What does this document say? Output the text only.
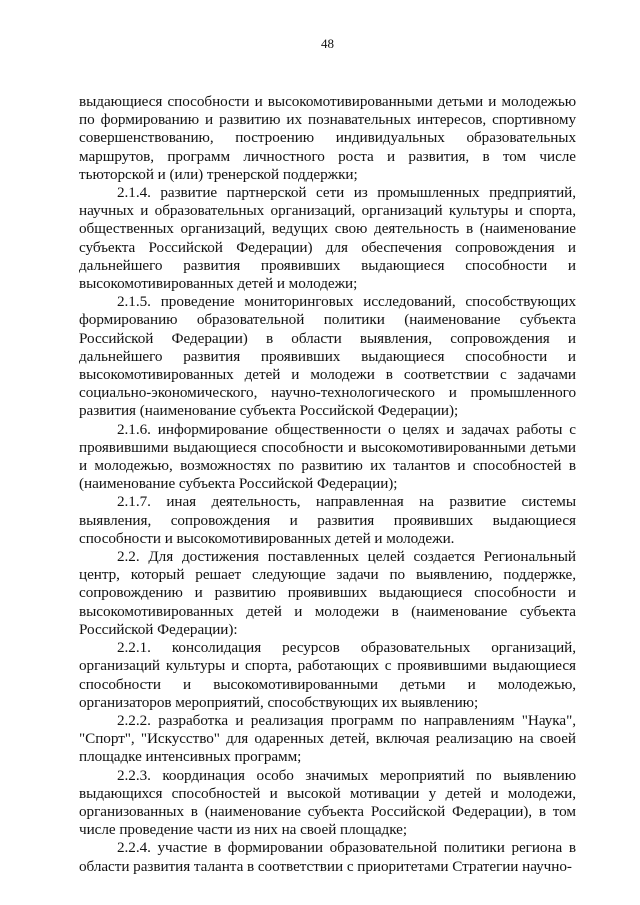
48

выдающиеся способности и высокомотивированными детьми и молодежью по формированию и развитию их познавательных интересов, спортивному совершенствованию, построению индивидуальных образовательных маршрутов, программ личностного роста и развития, в том числе тьюторской и (или) тренерской поддержки;

2.1.4. развитие партнерской сети из промышленных предприятий, научных и образовательных организаций, организаций культуры и спорта, общественных организаций, ведущих свою деятельность в (наименование субъекта Российской Федерации) для обеспечения сопровождения и дальнейшего развития проявивших выдающиеся способности и высокомотивированных детей и молодежи;

2.1.5. проведение мониторинговых исследований, способствующих формированию образовательной политики (наименование субъекта Российской Федерации) в области выявления, сопровождения и дальнейшего развития проявивших выдающиеся способности и высокомотивированных детей и молодежи в соответствии с задачами социально-экономического, научно-технологического и промышленного развития (наименование субъекта Российской Федерации);

2.1.6. информирование общественности о целях и задачах работы с проявившими выдающиеся способности и высокомотивированными детьми и молодежью, возможностях по развитию их талантов и способностей в (наименование субъекта Российской Федерации);

2.1.7. иная деятельность, направленная на развитие системы выявления, сопровождения и развития проявивших выдающиеся способности и высокомотивированных детей и молодежи.

2.2. Для достижения поставленных целей создается Региональный центр, который решает следующие задачи по выявлению, поддержке, сопровождению и развитию проявивших выдающиеся способности и высокомотивированных детей и молодежи в (наименование субъекта Российской Федерации):

2.2.1. консолидация ресурсов образовательных организаций, организаций культуры и спорта, работающих с проявившими выдающиеся способности и высокомотивированными детьми и молодежью, организаторов мероприятий, способствующих их выявлению;

2.2.2. разработка и реализация программ по направлениям "Наука", "Спорт", "Искусство" для одаренных детей, включая реализацию на своей площадке интенсивных программ;

2.2.3. координация особо значимых мероприятий по выявлению выдающихся способностей и высокой мотивации у детей и молодежи, организованных в (наименование субъекта Российской Федерации), в том числе проведение части из них на своей площадке;

2.2.4. участие в формировании образовательной политики региона в области развития таланта в соответствии с приоритетами Стратегии научно-
